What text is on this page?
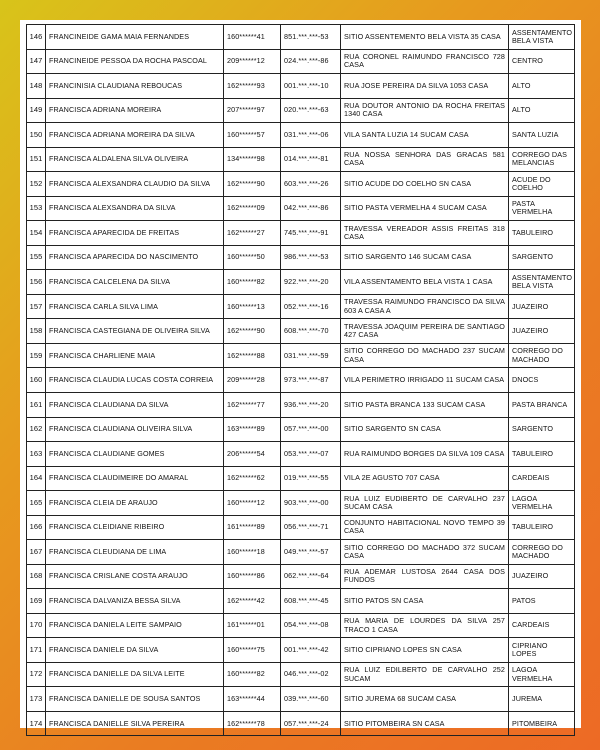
146	FRANCINEIDE GAMA MAIA FERNANDES	160******41	851.***.***-53	SITIO ASSENTEMENTO BELA VISTA 35 CASA	ASSENTAMENTO BELA VISTA
147	FRANCINEIDE PESSOA DA ROCHA PASCOAL	209******12	024.***.***-86	RUA CORONEL RAIMUNDO FRANCISCO 728 CASA	CENTRO
148	FRANCINISIA CLAUDIANA REBOUCAS	162******93	001.***.***-10	RUA JOSE PEREIRA DA SILVA 1053 CASA	ALTO
149	FRANCISCA ADRIANA MOREIRA	207******97	020.***.***-63	RUA DOUTOR ANTONIO DA ROCHA FREITAS 1340 CASA	ALTO
150	FRANCISCA ADRIANA MOREIRA DA SILVA	160******57	031.***.***-06	VILA SANTA LUZIA 14 SUCAM CASA	SANTA LUZIA
151	FRANCISCA ALDALENA SILVA OLIVEIRA	134******98	014.***.***-81	RUA NOSSA SENHORA DAS GRACAS 581 CASA	CORREGO DAS MELANCIAS
152	FRANCISCA ALEXSANDRA CLAUDIO DA SILVA	162******90	603.***.***-26	SITIO ACUDE DO COELHO SN CASA	ACUDE DO COELHO
153	FRANCISCA ALEXSANDRA DA SILVA	162******09	042.***.***-86	SITIO PASTA VERMELHA 4 SUCAM CASA	PASTA VERMELHA
154	FRANCISCA APARECIDA DE FREITAS	162******27	745.***.***-91	TRAVESSA VEREADOR ASSIS FREITAS 318 CASA	TABULEIRO
155	FRANCISCA APARECIDA DO NASCIMENTO	160******50	986.***.***-53	SITIO SARGENTO 146 SUCAM CASA	SARGENTO
156	FRANCISCA CALCELENA DA SILVA	160******82	922.***.***-20	VILA ASSENTAMENTO BELA VISTA 1 CASA	ASSENTAMENTO BELA VISTA
157	FRANCISCA CARLA SILVA LIMA	160******13	052.***.***-16	TRAVESSA RAIMUNDO FRANCISCO DA SILVA 603 A CASA A	JUAZEIRO
158	FRANCISCA CASTEGIANA DE OLIVEIRA SILVA	162******90	608.***.***-70	TRAVESSA JOAQUIM PEREIRA DE SANTIAGO 427 CASA	JUAZEIRO
159	FRANCISCA CHARLIENE MAIA	162******88	031.***.***-59	SITIO CORREGO DO MACHADO 237 SUCAM CASA	CORREGO DO MACHADO
160	FRANCISCA CLAUDIA LUCAS COSTA CORREIA	209******28	973.***.***-87	VILA PERIMETRO IRRIGADO 11 SUCAM CASA	DNOCS
161	FRANCISCA CLAUDIANA DA SILVA	162******77	936.***.***-20	SITIO PASTA BRANCA 133 SUCAM CASA	PASTA BRANCA
162	FRANCISCA CLAUDIANA OLIVEIRA SILVA	163******89	057.***.***-00	SITIO SARGENTO SN CASA	SARGENTO
163	FRANCISCA CLAUDIANE GOMES	206******54	053.***.***-07	RUA RAIMUNDO BORGES DA SILVA 109 CASA	TABULEIRO
164	FRANCISCA CLAUDIMEIRE DO AMARAL	162******62	019.***.***-55	VILA 2E AGUSTO 707 CASA	CARDEAIS
165	FRANCISCA CLEIA DE ARAUJO	160******12	903.***.***-00	RUA LUIZ EUDIBERTO DE CARVALHO 237 SUCAM CASA	LAGOA VERMELHA
166	FRANCISCA CLEIDIANE RIBEIRO	161******89	056.***.***-71	CONJUNTO HABITACIONAL NOVO TEMPO 39 CASA	TABULEIRO
167	FRANCISCA CLEUDIANA DE LIMA	160******18	049.***.***-57	SITIO CORREGO DO MACHADO 372 SUCAM CASA	CORREGO DO MACHADO
168	FRANCISCA CRISLANE COSTA ARAUJO	160******86	062.***.***-64	RUA ADEMAR LUSTOSA 2644 CASA DOS FUNDOS	JUAZEIRO
169	FRANCISCA DALVANIZA BESSA SILVA	162******42	608.***.***-45	SITIO PATOS SN CASA	PATOS
170	FRANCISCA DANIELA LEITE SAMPAIO	161******01	054.***.***-08	RUA MARIA DE LOURDES DA SILVA 257 TRACO 1 CASA	CARDEAIS
171	FRANCISCA DANIELE DA SILVA	160******75	001.***.***-42	SITIO CIPRIANO LOPES SN CASA	CIPRIANO LOPES
172	FRANCISCA DANIELLE DA SILVA LEITE	160******82	046.***.***-02	RUA LUIZ EDILBERTO DE CARVALHO 252 SUCAM	LAGOA VERMELHA
173	FRANCISCA DANIELLE DE SOUSA SANTOS	163******44	039.***.***-60	SITIO JUREMA 68 SUCAM CASA	JUREMA
174	FRANCISCA DANIELLE SILVA PEREIRA	162******78	057.***.***-24	SITIO PITOMBEIRA SN CASA	PITOMBEIRA
